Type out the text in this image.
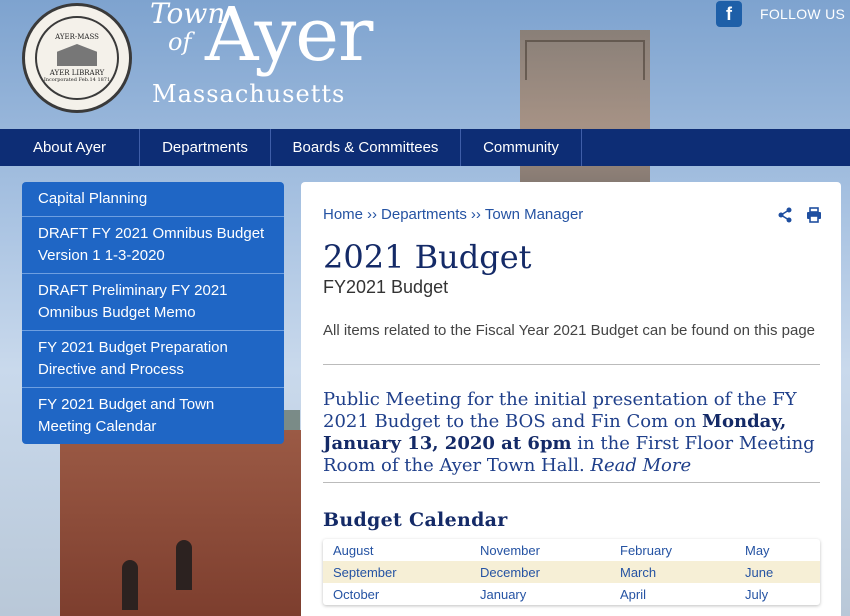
AYER-MASS
AYER LIBRARY
Incorporated Feb.14 1871
Town
of Ayer
Massachusetts
f	FOLLOW US
About Ayer	Departments	Boards & Committees	Community
Capital Planning
DRAFT FY 2021 Omnibus Budget Version 1 1-3-2020
DRAFT Preliminary FY 2021 Omnibus Budget Memo
FY 2021 Budget Preparation Directive and Process
FY 2021 Budget and Town Meeting Calendar
Home ›› Departments ›› Town Manager
2021 Budget
FY2021 Budget
All items related to the Fiscal Year 2021 Budget can be found on this page
Public Meeting for the initial presentation of the FY 2021 Budget to the BOS and Fin Com on Monday, January 13, 2020 at 6pm in the First Floor Meeting Room of the Ayer Town Hall. Read More
Budget Calendar
August	November	February	May
September	December	March	June
October	January	April	July
